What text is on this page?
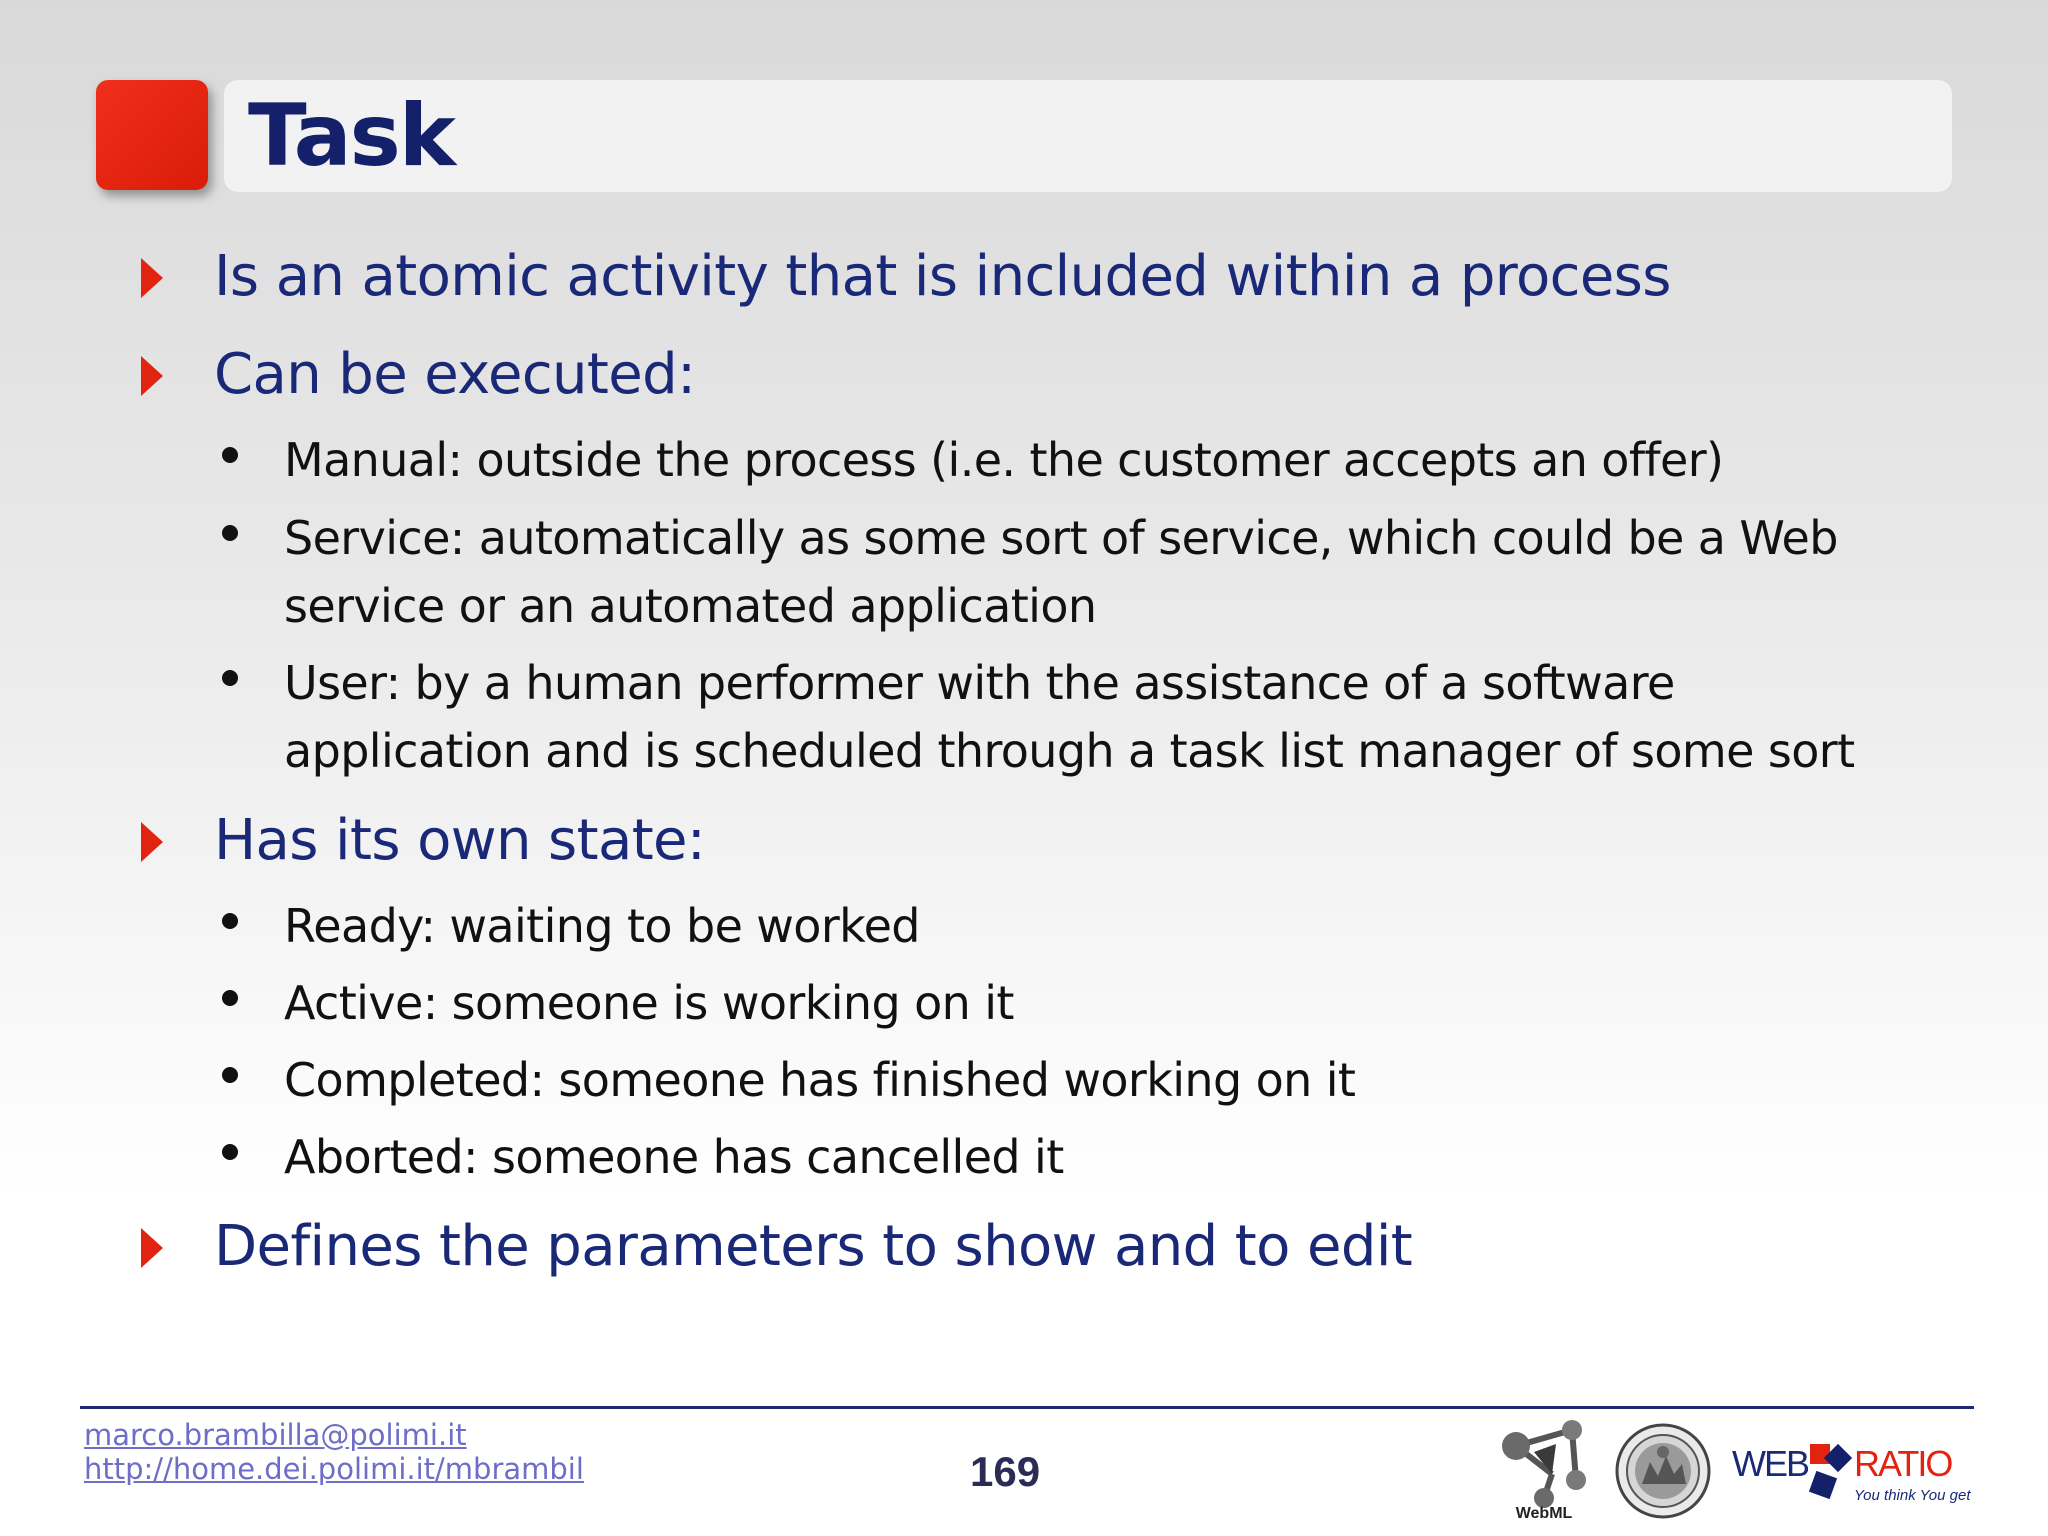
Task

Is an atomic activity that is included within a process

Can be executed:

Manual: outside the process (i.e. the customer accepts an offer)

Service: automatically as some sort of service, which could be a Web service or an automated application

User: by a human performer with the assistance of a software application and is scheduled through a task list manager of some sort

Has its own state:

Ready: waiting to be worked

Active: someone is working on it

Completed: someone has finished working on it

Aborted: someone has cancelled it

Defines the parameters to show and to edit

marco.brambilla@polimi.it
http://home.dei.polimi.it/mbrambil	169
WebML
WEB RATIO
You think You get
